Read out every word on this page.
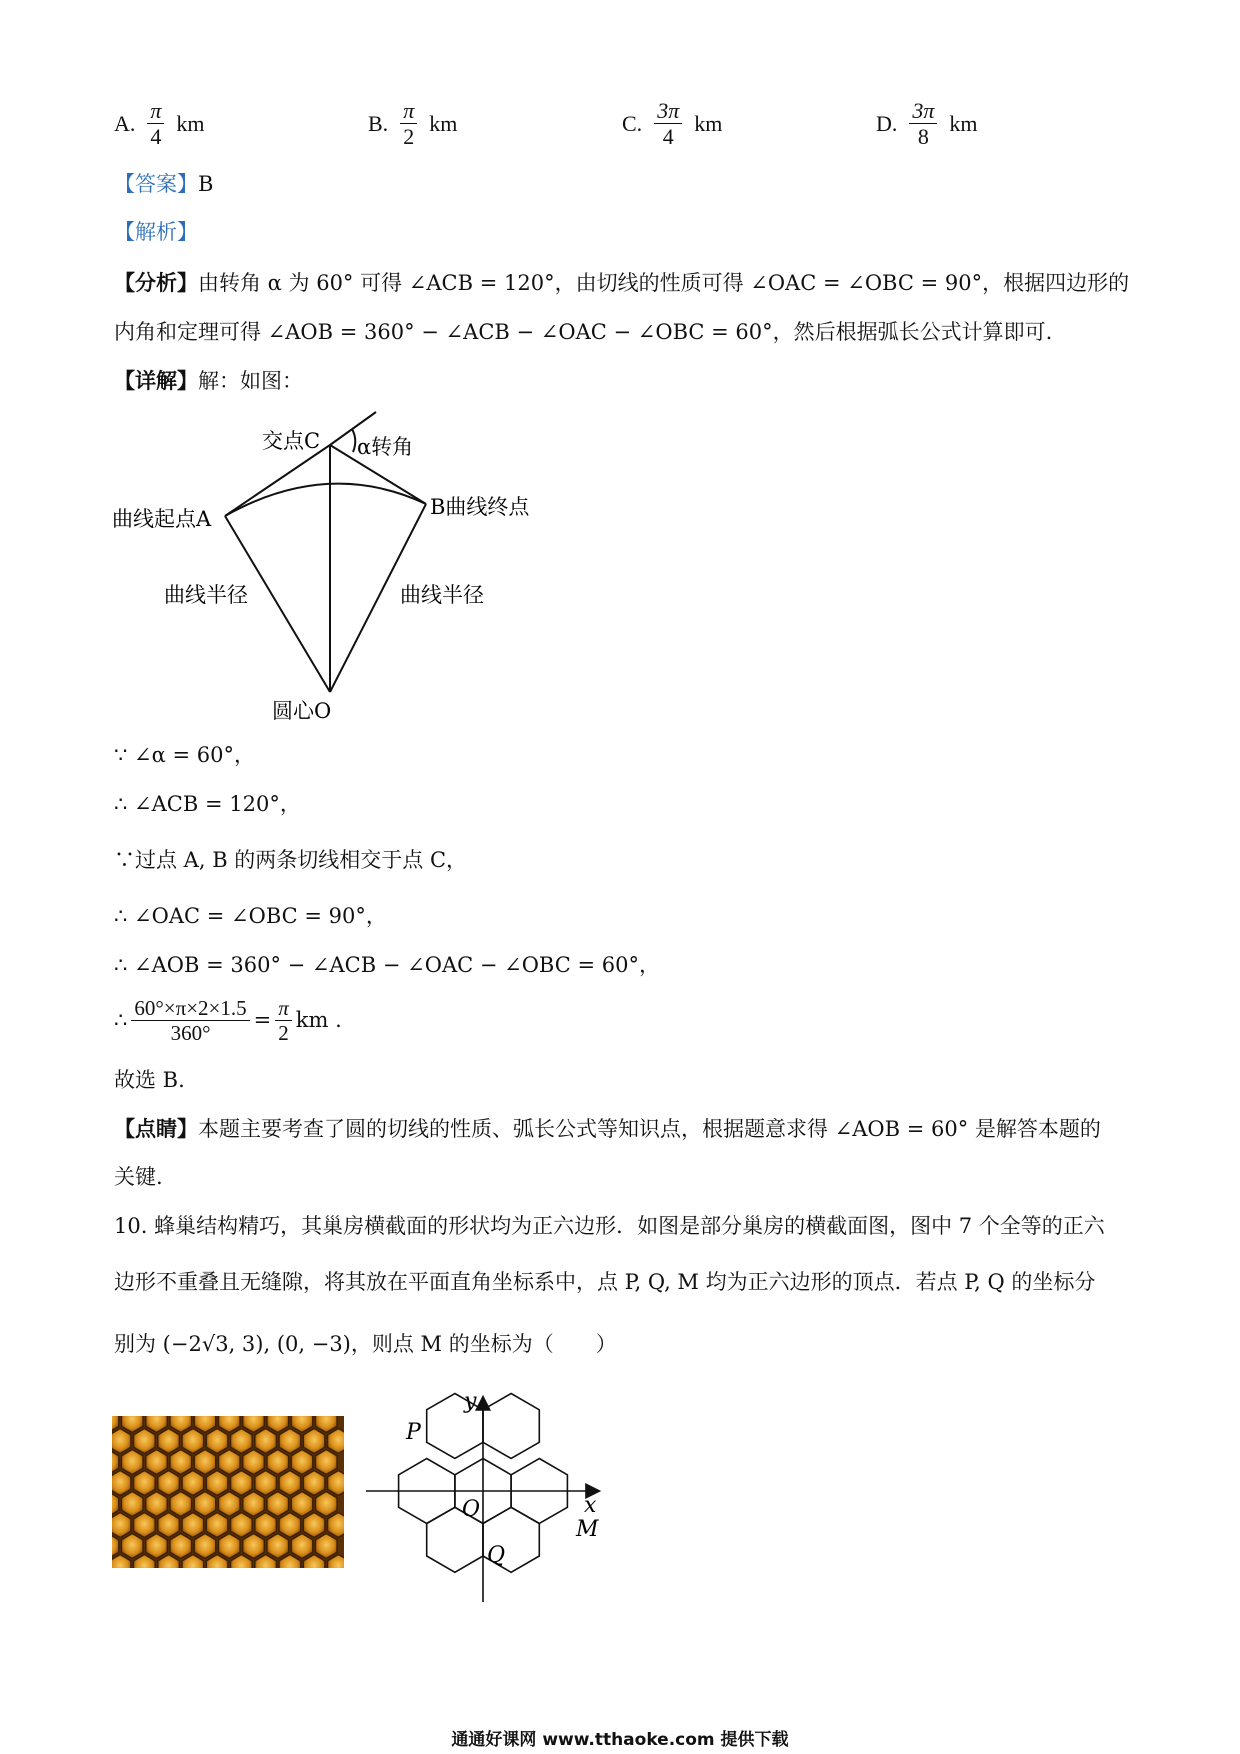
A. $\frac{\pi}{4}$ km	B. $\frac{\pi}{2}$ km	C. $\frac{3\pi}{4}$ km	D. $\frac{3\pi}{8}$ km
【答案】B
【解析】
【分析】由转角 α 为 60° 可得 ∠ACB = 120°，由切线的性质可得 ∠OAC = ∠OBC = 90°，根据四边形的
内角和定理可得 ∠AOB = 360° − ∠ACB − ∠OAC − ∠OBC = 60°，然后根据弧长公式计算即可.
【详解】解：如图：
交点C α转角
曲线起点A	B曲线终点
曲线半径	曲线半径
圆心O
∵ ∠α = 60°，
∴ ∠ACB = 120°，
∵过点 A, B 的两条切线相交于点 C，
∴ ∠OAC = ∠OBC = 90°，
∴ ∠AOB = 360° − ∠ACB − ∠OAC − ∠OBC = 60°，
∴ $\frac{60^\circ\times\pi\times 2\times 1.5}{360^\circ} = \frac{\pi}{2}$ km .
故选 B.
【点睛】本题主要考查了圆的切线的性质、弧长公式等知识点，根据题意求得 ∠AOB = 60° 是解答本题的
关键.
10. 蜂巢结构精巧，其巢房横截面的形状均为正六边形．如图是部分巢房的横截面图，图中 7 个全等的正六
边形不重叠且无缝隙，将其放在平面直角坐标系中，点 P, Q, M 均为正六边形的顶点．若点 P, Q 的坐标分
别为 (−2√3, 3), (0, −3)，则点 M 的坐标为（　　）
y
x
P
O
M
Q
通通好课网 www.tthaoke.com 提供下载
